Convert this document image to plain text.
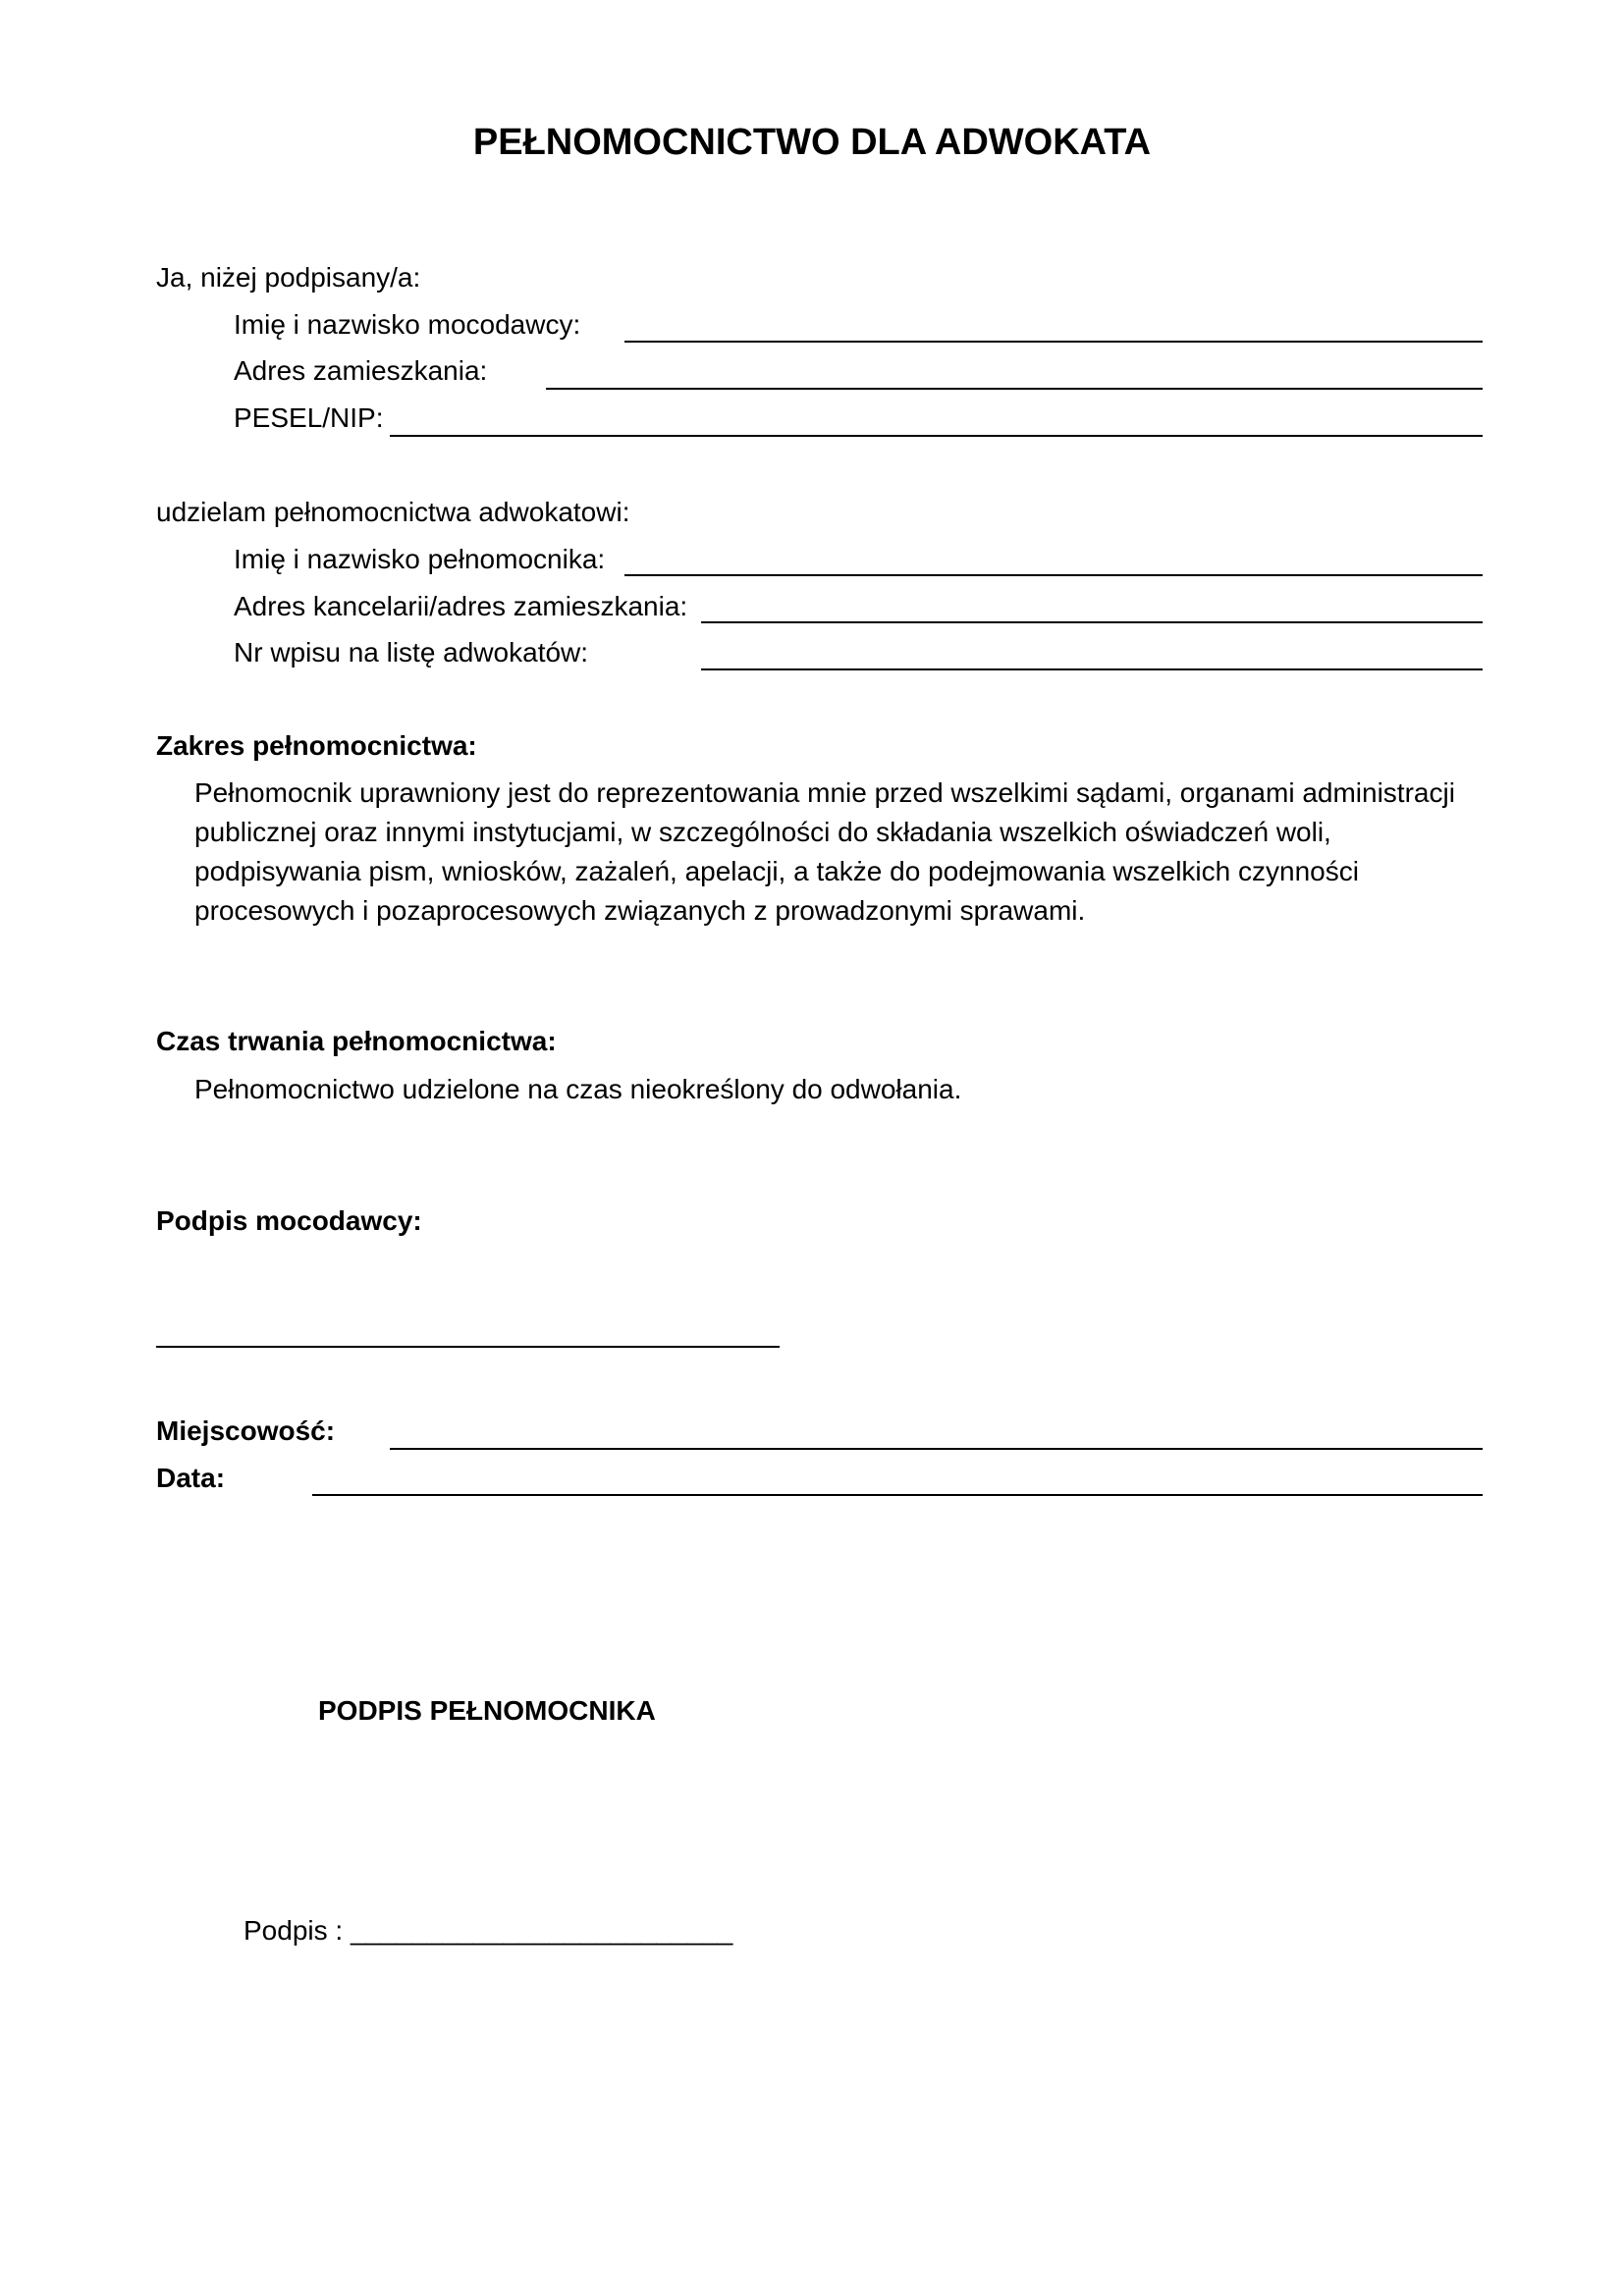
PEŁNOMOCNICTWO DLA ADWOKATA
Ja, niżej podpisany/a:
Imię i nazwisko mocodawcy:
Adres zamieszkania:
PESEL/NIP:
udzielam pełnomocnictwa adwokatowi:
Imię i nazwisko pełnomocnika:
Adres kancelarii/adres zamieszkania:
Nr wpisu na listę adwokatów:
Zakres pełnomocnictwa:
Pełnomocnik uprawniony jest do reprezentowania mnie przed wszelkimi sądami, organami administracji
publicznej oraz innymi instytucjami, w szczególności do składania wszelkich oświadczeń woli,
podpisywania pism, wniosków, zażaleń, apelacji, a także do podejmowania wszelkich czynności
procesowych i pozaprocesowych związanych z prowadzonymi sprawami.
Czas trwania pełnomocnictwa:
Pełnomocnictwo udzielone na czas nieokreślony do odwołania.
Podpis mocodawcy:
Miejscowość:
Data:
PODPIS PEŁNOMOCNIKA
Podpis : _________________________
